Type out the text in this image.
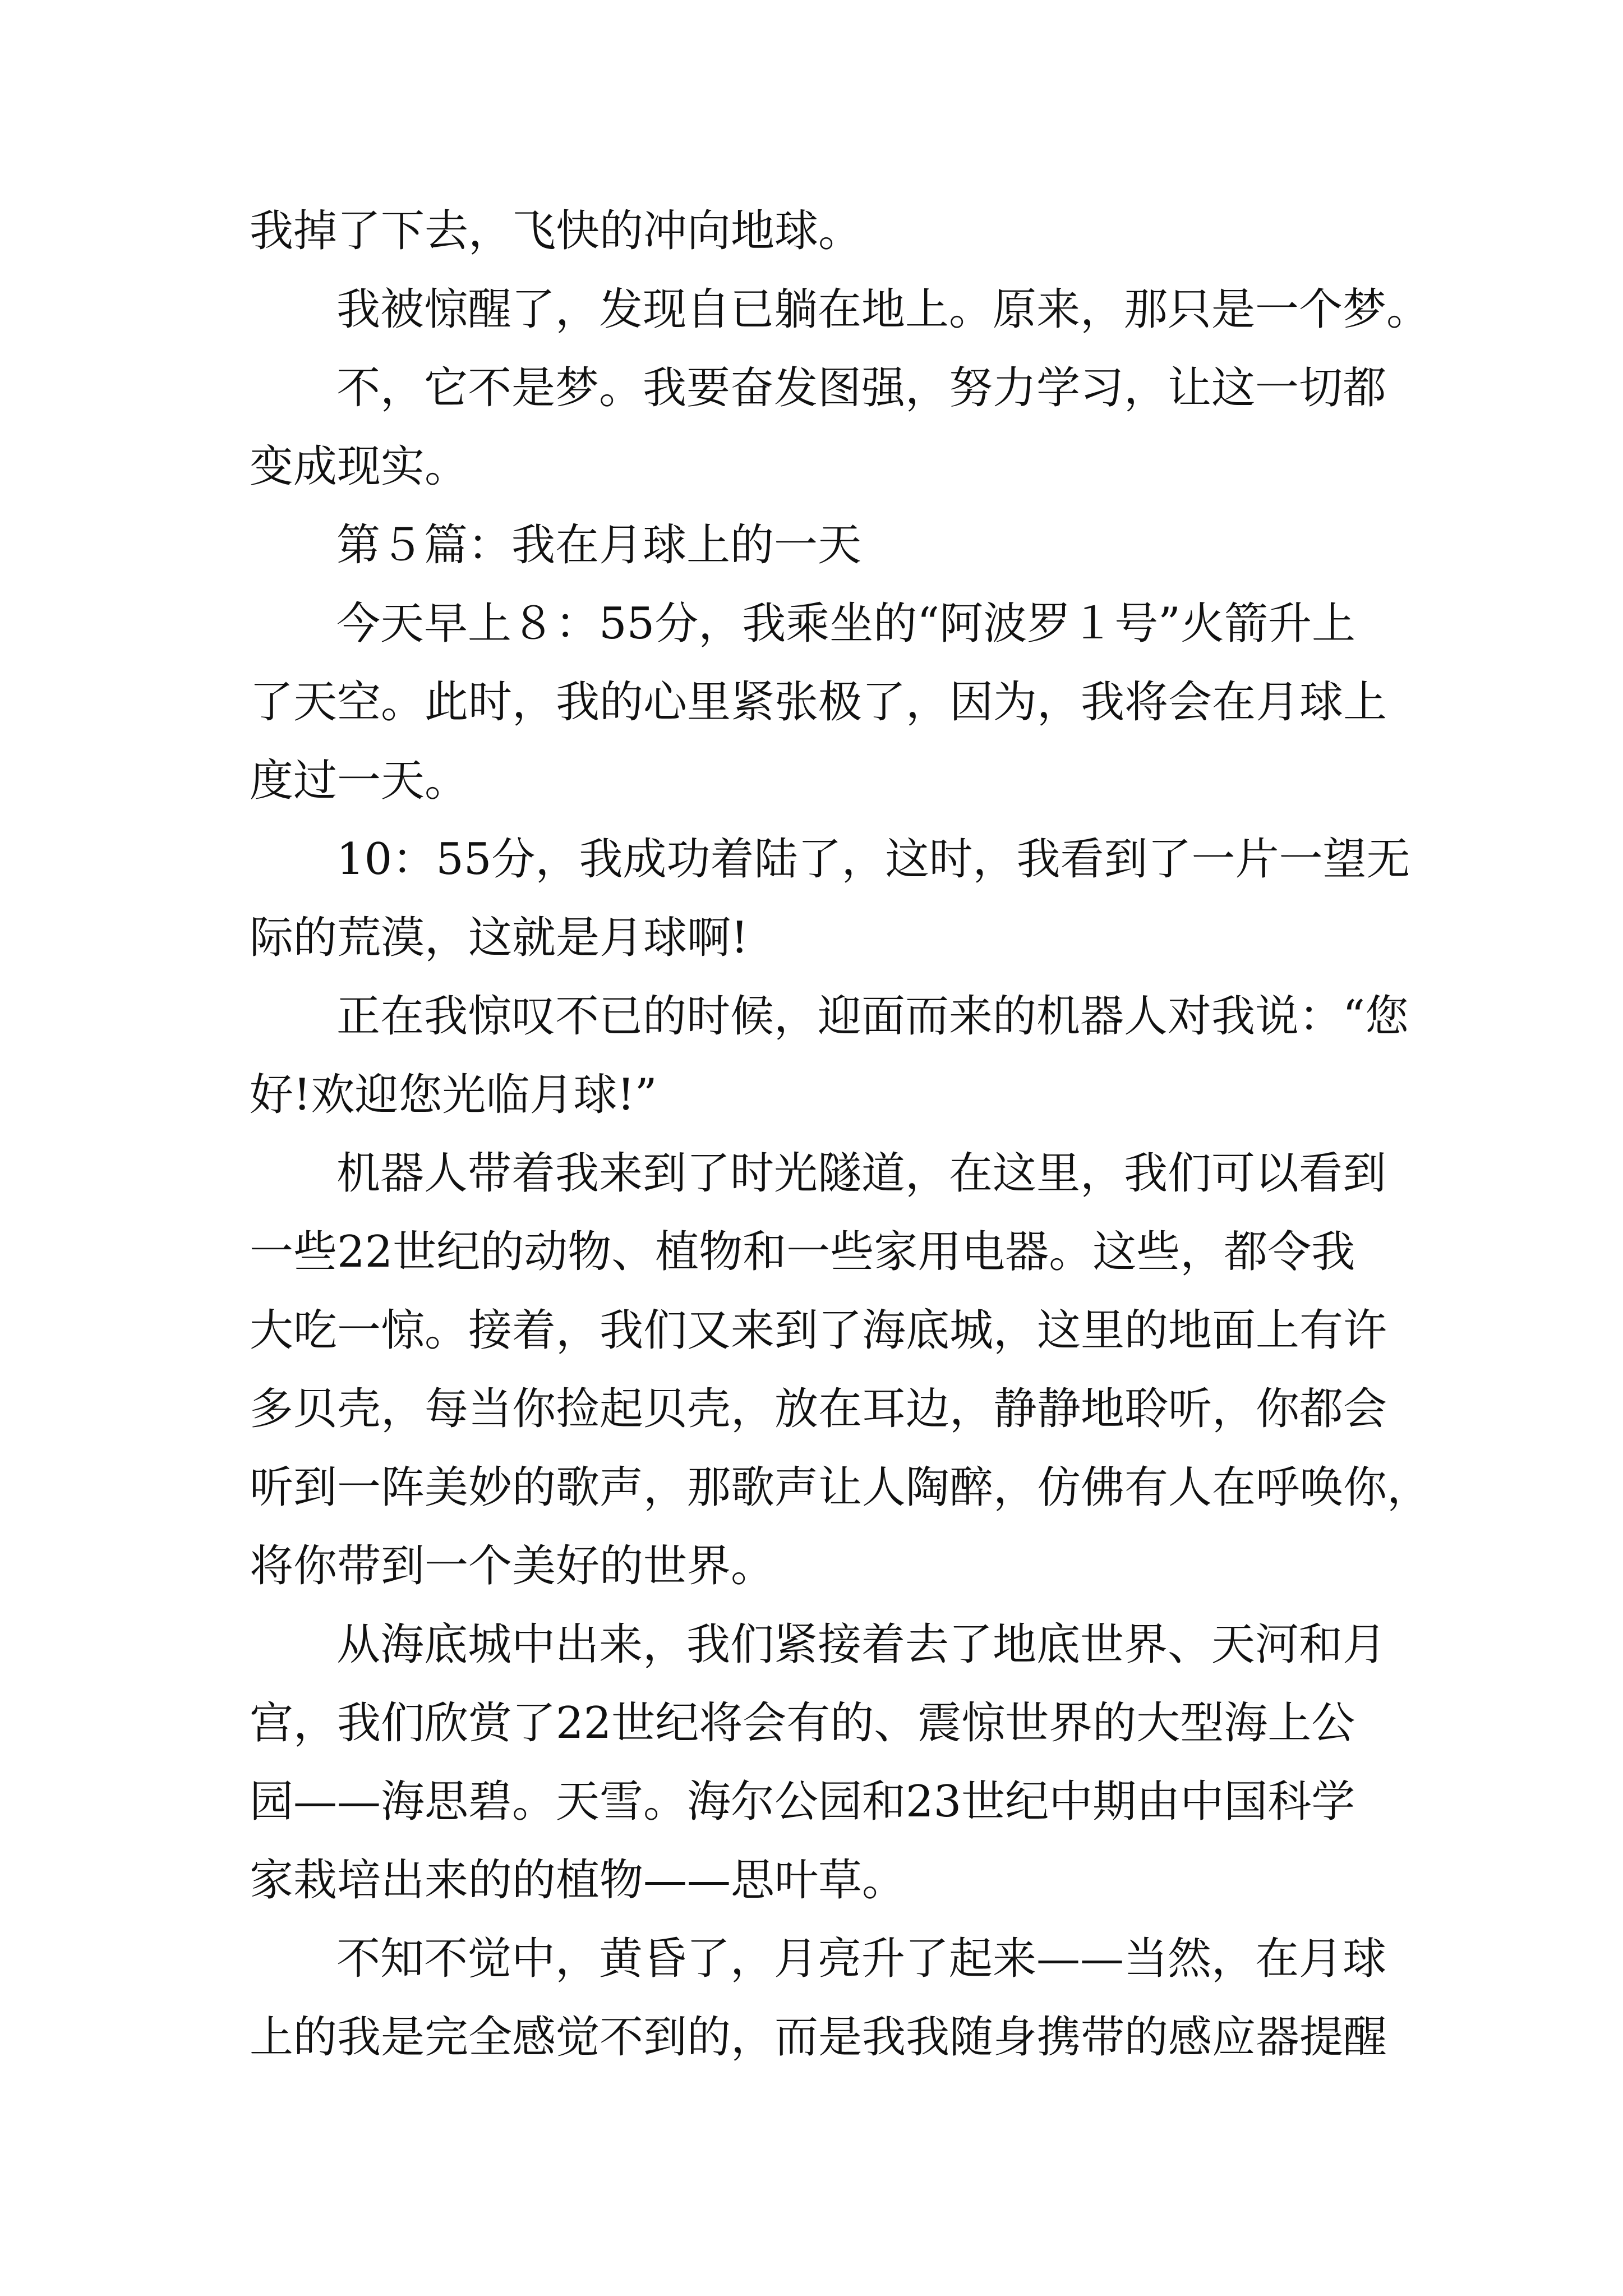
我掉了下去，飞快的冲向地球。
我被惊醒了，发现自已躺在地上。原来，那只是一个梦。
不，它不是梦。我要奋发图强，努力学习，让这一切都
变成现实。
第５篇：我在月球上的一天
今天早上８：55分，我乘坐的“阿波罗１号”火箭升上
了天空。此时，我的心里紧张极了，因为，我将会在月球上
度过一天。
10：55分，我成功着陆了，这时，我看到了一片一望无
际的荒漠，这就是月球啊!
正在我惊叹不已的时候，迎面而来的机器人对我说：“您
好!欢迎您光临月球!”
机器人带着我来到了时光隧道，在这里，我们可以看到
一些22世纪的动物、植物和一些家用电器。这些，都令我
大吃一惊。接着，我们又来到了海底城，这里的地面上有许
多贝壳，每当你捡起贝壳，放在耳边，静静地聆听，你都会
听到一阵美妙的歌声，那歌声让人陶醉，仿佛有人在呼唤你，
将你带到一个美好的世界。
从海底城中出来，我们紧接着去了地底世界、天河和月
宫，我们欣赏了22世纪将会有的、震惊世界的大型海上公
园——海思碧。天雪。海尔公园和23世纪中期由中国科学
家栽培出来的的植物——思叶草。
不知不觉中，黄昏了，月亮升了起来——当然，在月球
上的我是完全感觉不到的，而是我我随身携带的感应器提醒
